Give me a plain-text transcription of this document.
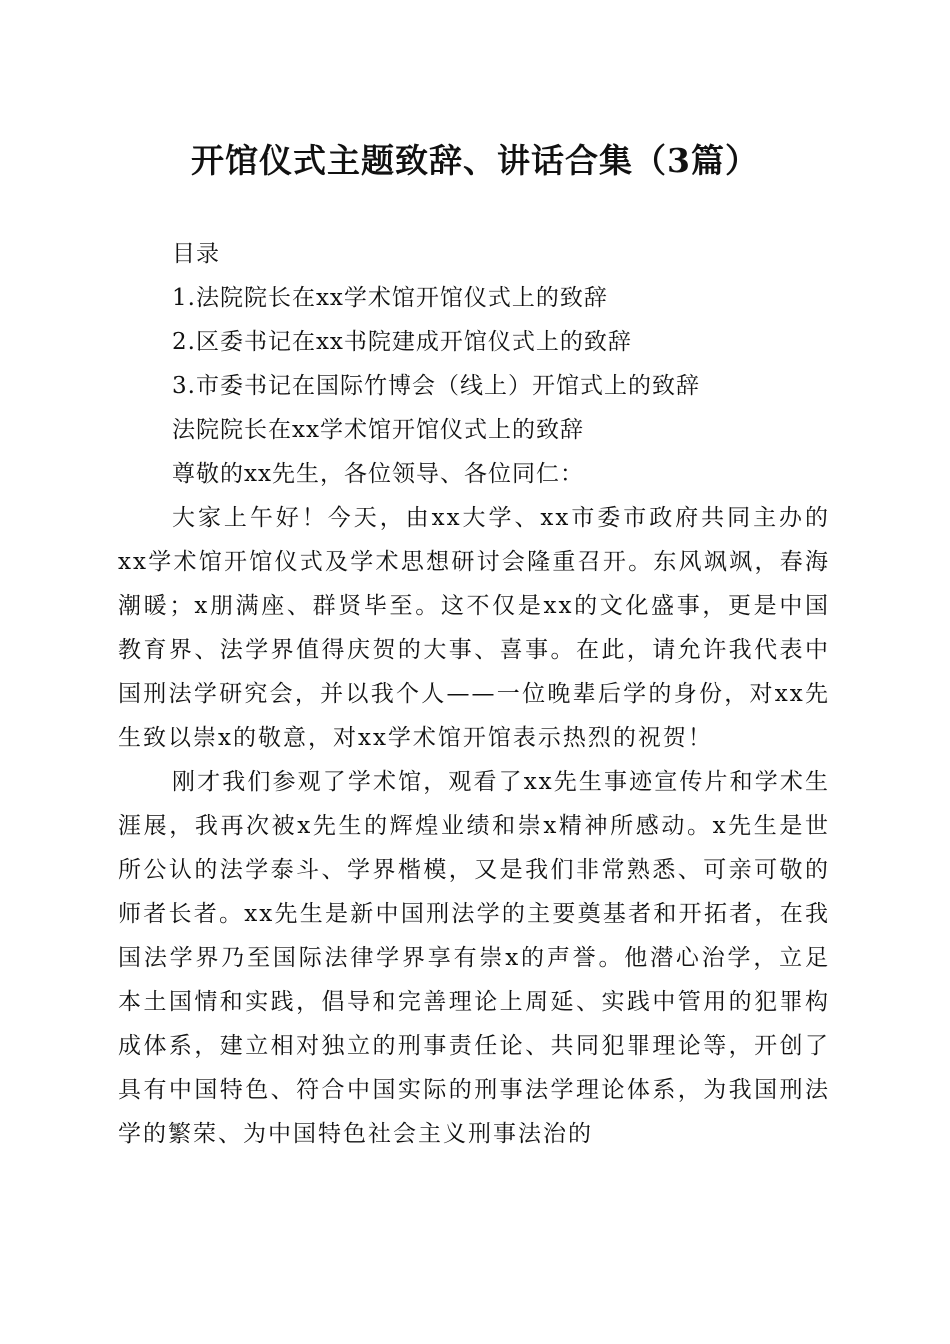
开馆仪式主题致辞、讲话合集（3篇）
目录
1.法院院长在xx学术馆开馆仪式上的致辞
2.区委书记在xx书院建成开馆仪式上的致辞
3.市委书记在国际竹博会（线上）开馆式上的致辞
法院院长在xx学术馆开馆仪式上的致辞
尊敬的xx先生，各位领导、各位同仁：

大家上午好！今天，由xx大学、xx市委市政府共同主办的xx学术馆开馆仪式及学术思想研讨会隆重召开。东风飒飒，春海潮暖；x朋满座、群贤毕至。这不仅是xx的文化盛事，更是中国教育界、法学界值得庆贺的大事、喜事。在此，请允许我代表中国刑法学研究会，并以我个人——一位晚辈后学的身份，对xx先生致以崇x的敬意，对xx学术馆开馆表示热烈的祝贺！

刚才我们参观了学术馆，观看了xx先生事迹宣传片和学术生涯展，我再次被x先生的辉煌业绩和崇x精神所感动。x先生是世所公认的法学泰斗、学界楷模，又是我们非常熟悉、可亲可敬的师者长者。xx先生是新中国刑法学的主要奠基者和开拓者，在我国法学界乃至国际法律学界享有崇x的声誉。他潜心治学，立足本土国情和实践，倡导和完善理论上周延、实践中管用的犯罪构成体系，建立相对独立的刑事责任论、共同犯罪理论等，开创了具有中国特色、符合中国实际的刑事法学理论体系，为我国刑法学的繁荣、为中国特色社会主义刑事法治的
